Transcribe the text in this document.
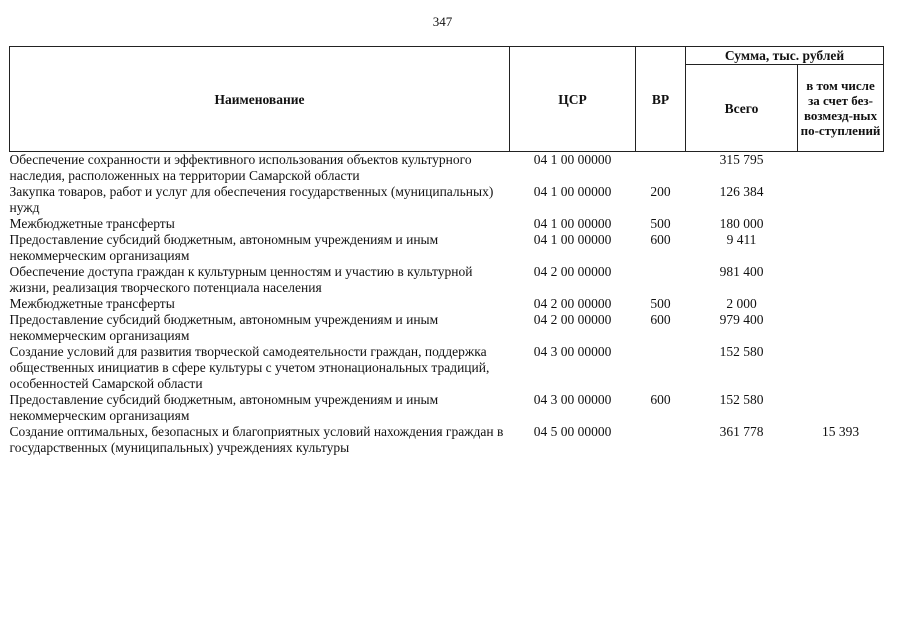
347
Наименование	ЦСР	ВР	Сумма, тыс. рублей	
			Всего	в том числе за счет без-возмезд-ных по-ступлений
Обеспечение сохранности и эффективного использования объектов культурного наследия, расположенных на территории Самарской области	04 1 00 00000		315 795	
Закупка товаров, работ и услуг для обеспечения государственных (муниципальных) нужд	04 1 00 00000	200	126 384	
Межбюджетные трансферты	04 1 00 00000	500	180 000	
Предоставление субсидий бюджетным, автономным учреждениям и иным некоммерческим организациям	04 1 00 00000	600	9 411	
Обеспечение доступа граждан к культурным ценностям и участию в культурной жизни, реализация творческого потенциала населения	04 2 00 00000		981 400	
Межбюджетные трансферты	04 2 00 00000	500	2 000	
Предоставление субсидий бюджетным, автономным учреждениям и иным некоммерческим организациям	04 2 00 00000	600	979 400	
Создание условий для развития творческой самодеятельности граждан, поддержка общественных инициатив в сфере культуры с учетом этнонациональных традиций, особенностей Самарской области	04 3 00 00000		152 580	
Предоставление субсидий бюджетным, автономным учреждениям и иным некоммерческим организациям	04 3 00 00000	600	152 580	
Создание оптимальных, безопасных и благоприятных условий нахождения граждан в государственных (муниципальных) учреждениях культуры	04 5 00 00000		361 778	15 393
